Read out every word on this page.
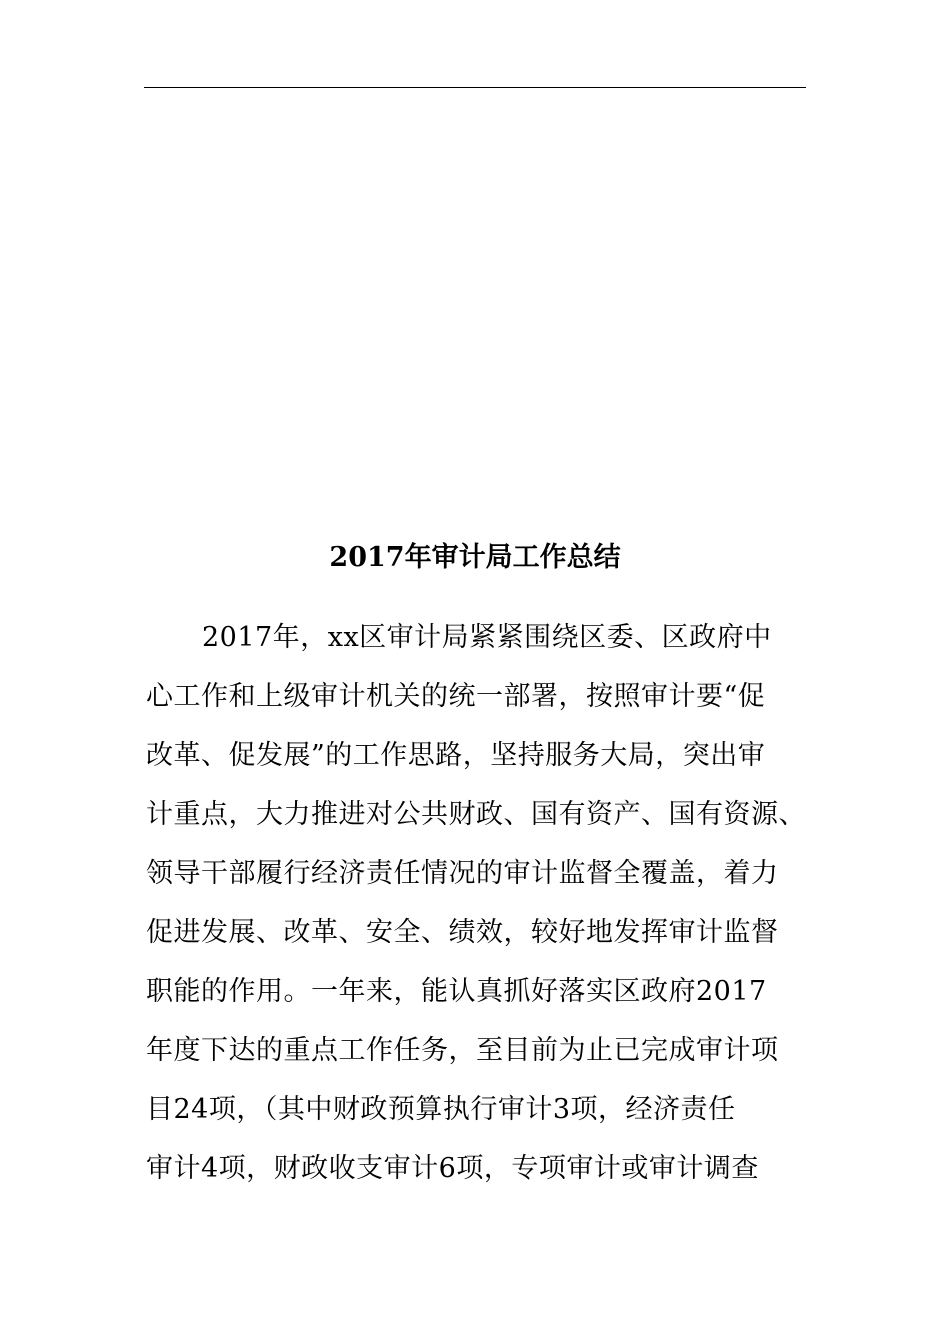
2017年审计局工作总结
2017年，xx区审计局紧紧围绕区委、区政府中
心工作和上级审计机关的统一部署，按照审计要“促
改革、促发展”的工作思路，坚持服务大局，突出审
计重点，大力推进对公共财政、国有资产、国有资源、
领导干部履行经济责任情况的审计监督全覆盖，着力
促进发展、改革、安全、绩效，较好地发挥审计监督
职能的作用。一年来，能认真抓好落实区政府2017
年度下达的重点工作任务，至目前为止已完成审计项
目24项，（其中财政预算执行审计3项，经济责任
审计4项，财政收支审计6项，专项审计或审计调查
